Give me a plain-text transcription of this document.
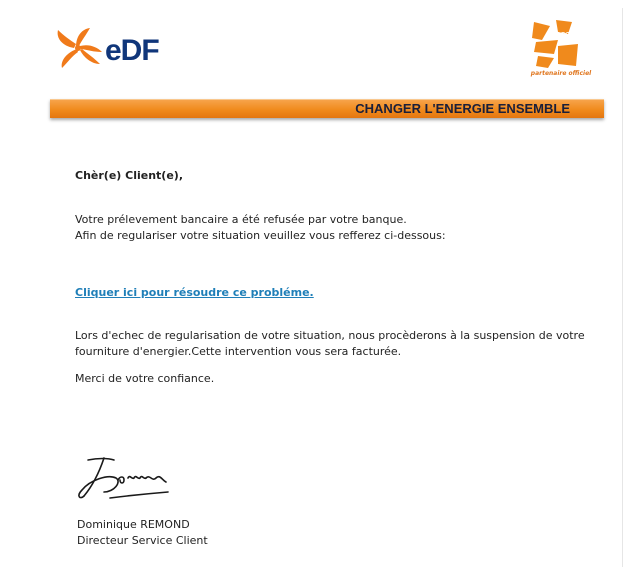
eDF
partenaire officiel
CHANGER L'ENERGIE ENSEMBLE
Chèr(e) Client(e),
Votre prélevement bancaire a été refusée par votre banque.
Afin de regulariser votre situation veuillez vous refferez ci-dessous:
Cliquer ici pour résoudre ce probléme.
Lors d'echec de regularisation de votre situation, nous procèderons à la suspension de votre
fourniture d'energier.Cette intervention vous sera facturée.
Merci de votre confiance.
Dominique REMOND
Directeur Service Client
